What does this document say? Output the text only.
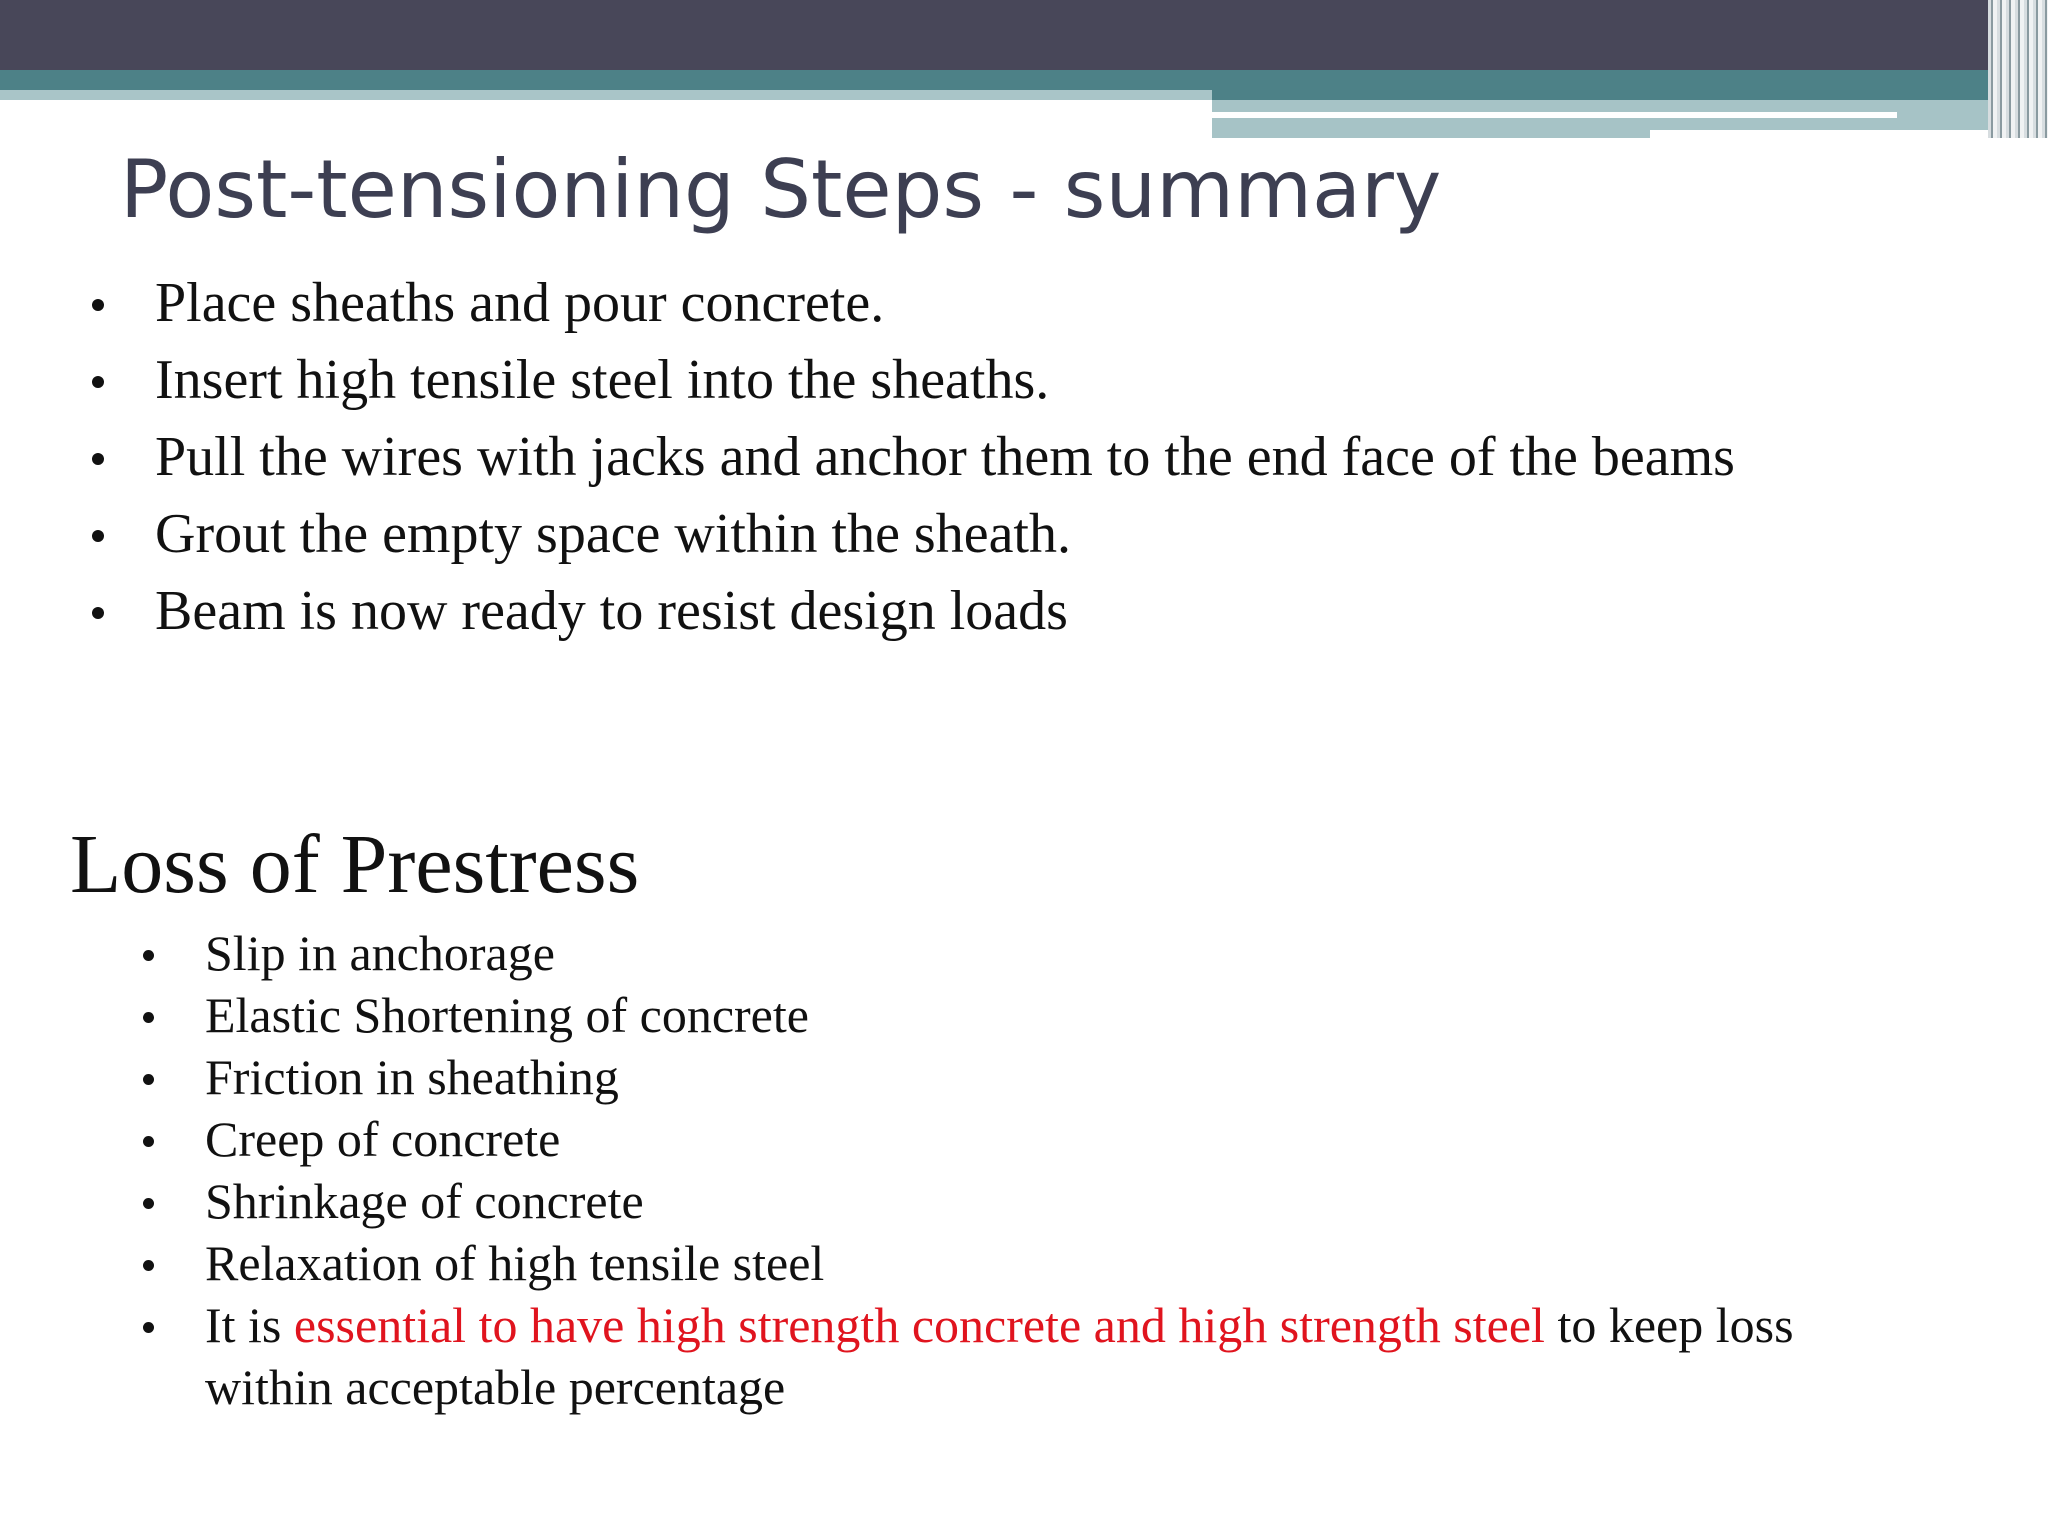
Post-tensioning Steps - summary
Place sheaths and pour concrete.
Insert high tensile steel into the sheaths.
Pull the wires with jacks and anchor them to the end face of the beams
Grout the empty space within the sheath.
Beam is now ready to resist design loads
Loss of Prestress
Slip in anchorage
Elastic Shortening of concrete
Friction in sheathing
Creep of concrete
Shrinkage of concrete
Relaxation of high tensile steel
It is essential to have high strength concrete and high strength steel to keep loss within acceptable percentage
